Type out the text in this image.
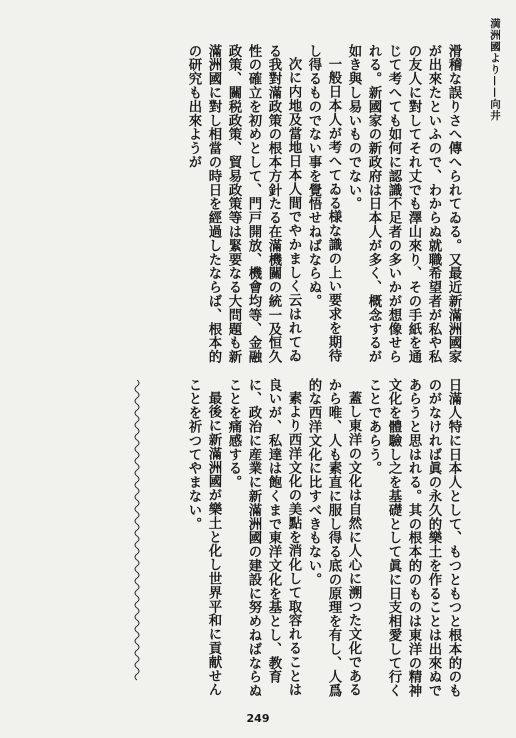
満洲國より——向井

滑稽な誤りさへ傳へられてゐる。又最近新滿洲國家が出來たといふので、わからぬ就職希望者が私や私の友人に對してそれ丈でも澤山來り、その手紙を通じて考へても如何に認識不足者の多いかが想像せられる。新國家の新政府は日本人が多く、概念するが如き與し易いものでない。

一般日本人が考へてゐる様な識の上い要求を期待し得るものでない事を覺悟せねばならぬ。

次に内地及當地日本人間でやかましく云はれてゐる我對滿政策の根本方針たる在滿機關の統一及恒久性の確立を初めとして、門戸開放、機會均等、金融政策、關税政策、貿易政策等は緊要なる大問題も新滿洲國に對し相當の時日を經過したならば、根本的の研究も出來ようが

日滿人特に日本人として、もつともつと根本的のものがなければ眞の永久的樂土を作ることは出來ぬであらうと思はれる。其の根本的のものは東洋の精神文化を體驗し之を基礎として眞に日支相愛して行くことであらう。

蓋し東洋の文化は自然に人心に溯つた文化であるから唯、人も素直に服し得る底の原理を有し、人爲的な西洋文化に比すべきもない。

素より西洋文化の美點を消化して取容れることは良いが、私達は飽くまで東洋文化を基とし、教育に、政治に産業に新滿洲國の建設に努めねばならぬことを痛感する。

最後に新滿洲國が樂土と化し世界平和に貢献せんことを祈つてやまない。

249
